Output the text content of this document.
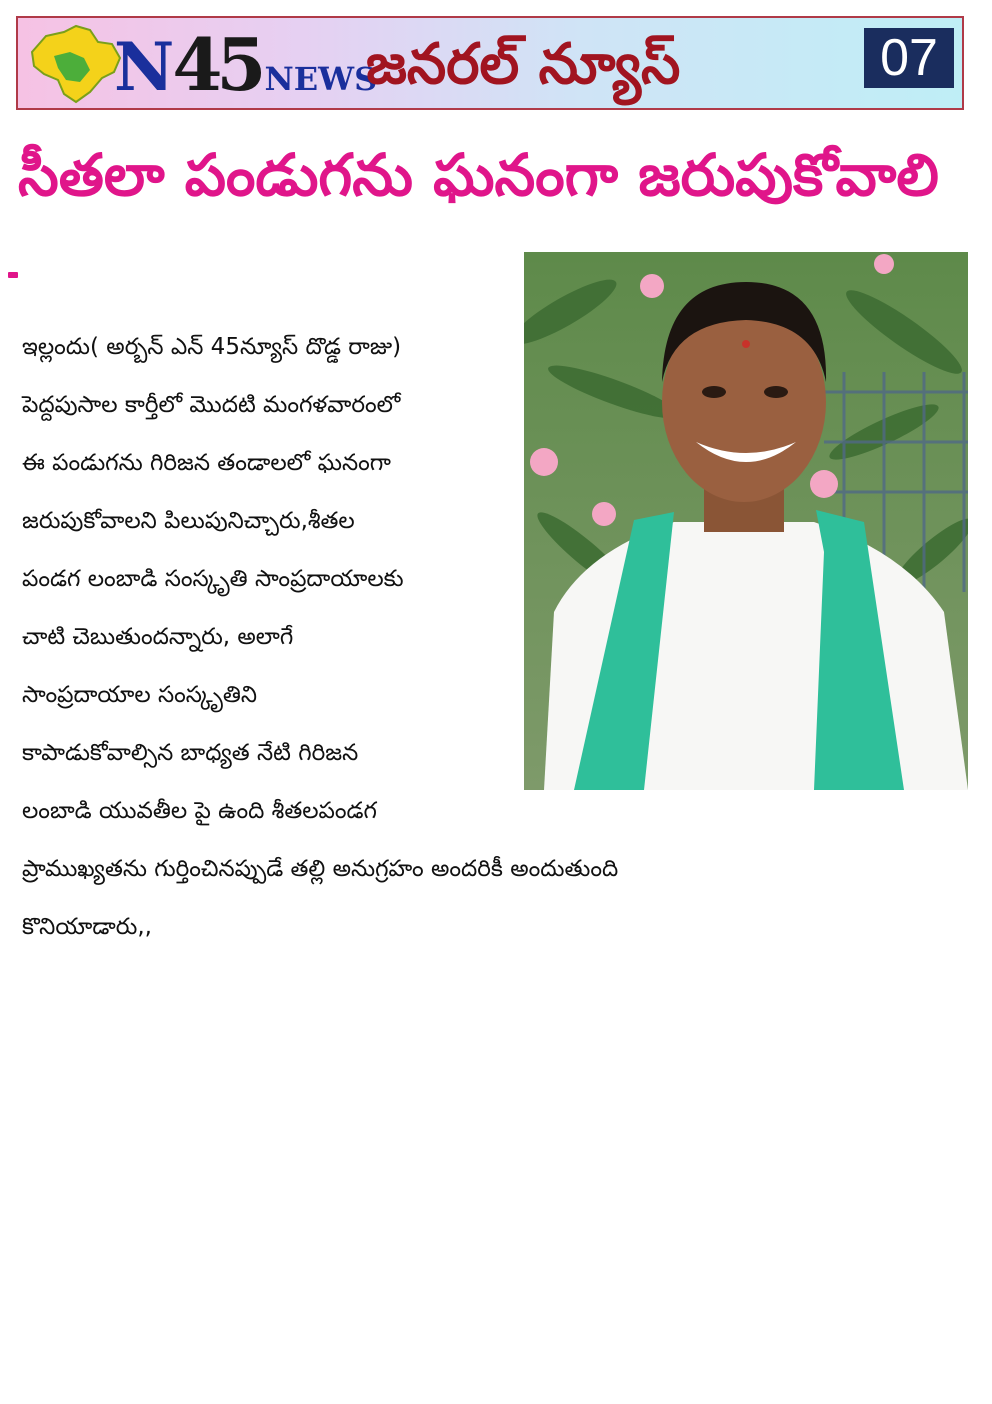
N 45 NEWS
జనరల్ న్యూస్	07
సీతలా పండుగను ఘనంగా జరుపుకోవాలి

ఇల్లందు( అర్బన్ ఎన్ 45న్యూస్ దొడ్డ రాజు)

పెద్దపుసాల కార్తీలో మొదటి మంగళవారంలో

ఈ పండుగను గిరిజన తండాలలో ఘనంగా

జరుపుకోవాలని పిలుపునిచ్చారు,శీతల

పండగ లంబాడి సంస్కృతి సాంప్రదాయాలకు

చాటి చెబుతుందన్నారు, అలాగే

సాంప్రదాయాల సంస్కృతిని

కాపాడుకోవాల్సిన బాధ్యత నేటి గిరిజన

లంబాడి యువతీల పై ఉంది శీతలపండగ

ప్రాముఖ్యతను గుర్తించినప్పుడే తల్లి అనుగ్రహం అందరికీ అందుతుంది

కొనియాడారు,,
